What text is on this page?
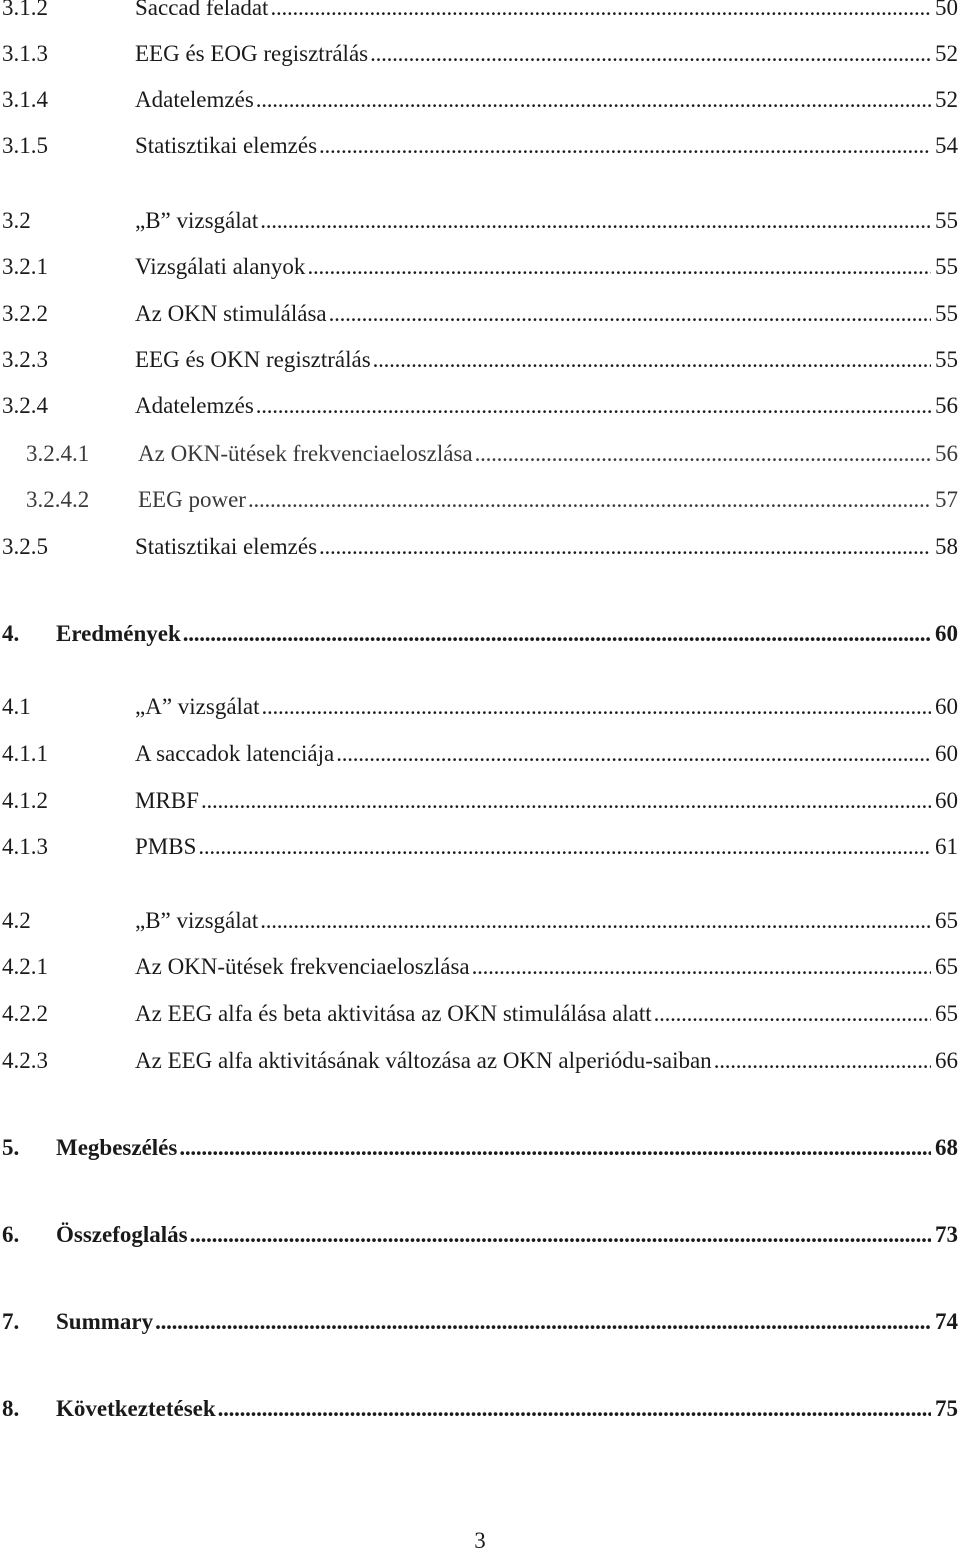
3.1.2	Saccad feladat . . .	50
3.1.3	EEG és EOG regisztrálás . . .	52
3.1.4	Adatelemzés . . .	52
3.1.5	Statisztikai elemzés . . .	54
3.2	„B” vizsgálat . . .	55
3.2.1	Vizsgálati alanyok . . .	55
3.2.2	Az OKN stimulálása . . .	55
3.2.3	EEG és OKN regisztrálás . . .	55
3.2.4	Adatelemzés . . .	56
3.2.4.1	Az OKN-ütések frekvenciaeloszlása . . .	56
3.2.4.2	EEG power . . .	57
3.2.5	Statisztikai elemzés . . .	58
4.	Eredmények . . .	60
4.1	„A” vizsgálat . . .	60
4.1.1	A saccadok latenciája . . .	60
4.1.2	MRBF . . .	60
4.1.3	PMBS . . .	61
4.2	„B” vizsgálat . . .	65
4.2.1	Az OKN-ütések frekvenciaeloszlása . . .	65
4.2.2	Az EEG alfa és beta aktivitása az OKN stimulálása alatt . . .	65
4.2.3	Az EEG alfa aktivitásának változása az OKN alperiódu-saiban . . .	66
5.	Megbeszélés . . .	68
6.	Összefoglalás . . .	73
7.	Summary . . .	74
8.	Következtetések . . .	75
3
